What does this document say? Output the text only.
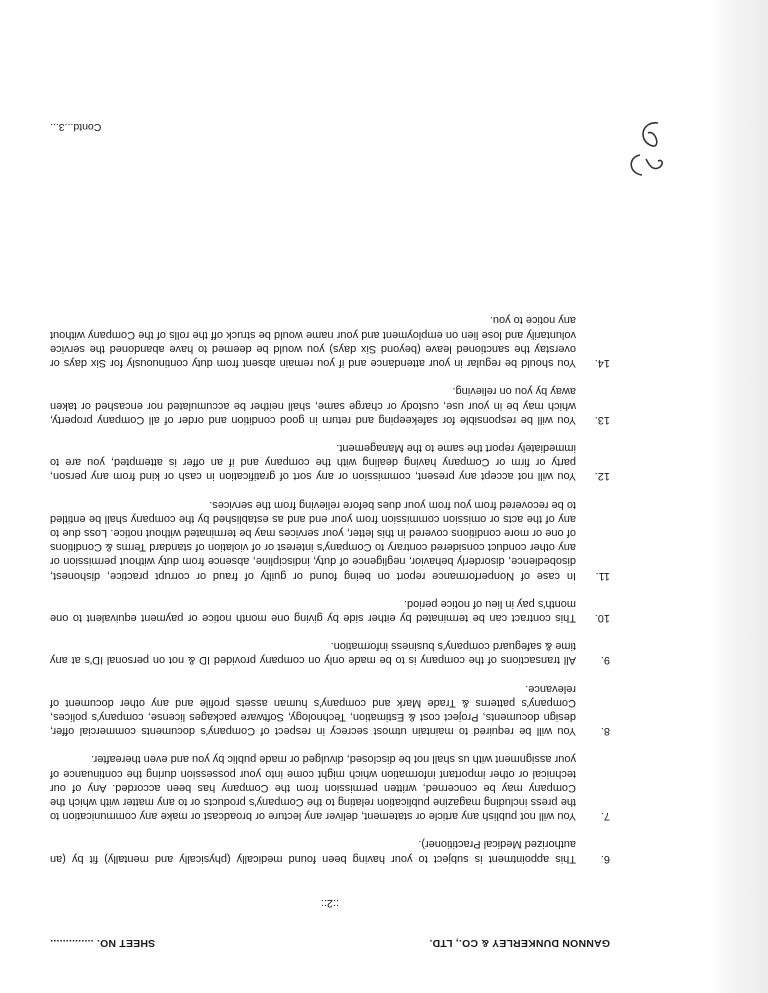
GANNON DUNKERLEY & CO., LTD.
SHEET NO. ..............
::2::
6.
This appointment is subject to your having been found medically (physically and mentally) fit by (an authorized Medical Practitioner).
7.
You will not publish any article or statement, deliver any lecture or broadcast or make any communication to the press including magazine publication relating to the Company's products or to any matter with which the Company may be concerned, written permission from the Company has been accorded. Any of our technical or other important information which might come into your possession during the continuance of your assignment with us shall not be disclosed, divulged or made public by you and even thereafter.
8.
You will be required to maintain utmost secrecy in respect of Company's documents commercial offer, design documents, Project cost & Estimation, Technology, Software packages license, company's polices, Company's patterns & Trade Mark and company's human assets profile and any other document of relevance.
9.
All transactions of the company is to be made only on company provided ID & not on personal ID's at any time & safeguard company's business information.
10.
This contract can be terminated by either side by giving one month notice or payment equivalent to one month's pay in lieu of notice period.
11.
In case of Nonperformance report on being found or guilty of fraud or corrupt practice, dishonest, disobedience, disorderly behavior, negligence of duty, indiscipline, absence from duty without permission or any other conduct considered contrary to Company's interest or of violation of standard Terms & Conditions of one or more conditions covered in this letter, your services may be terminated without notice. Loss due to any of the acts or omission commission from your end and as established by the company shall be entitled to be recovered from you from your dues before relieving from the services.
12.
You will not accept any present, commission or any sort of gratification in cash or kind from any person, party or firm or Company having dealing with the company and if an offer is attempted, you are to immediately report the same to the Management.
13.
You will be responsible for safekeeping and return in good condition and order of all Company property, which may be in your use, custody or charge same, shall neither be accumulated nor encashed or taken away by you on relieving.
14.
You should be regular in your attendance and if you remain absent from duty continuously for Six days or overstay the sanctioned leave (beyond Six days) you would be deemed to have abandoned the service voluntarily and lose lien on employment and your name would be struck off the rolls of the Company without any notice to you.
Contd...3...
